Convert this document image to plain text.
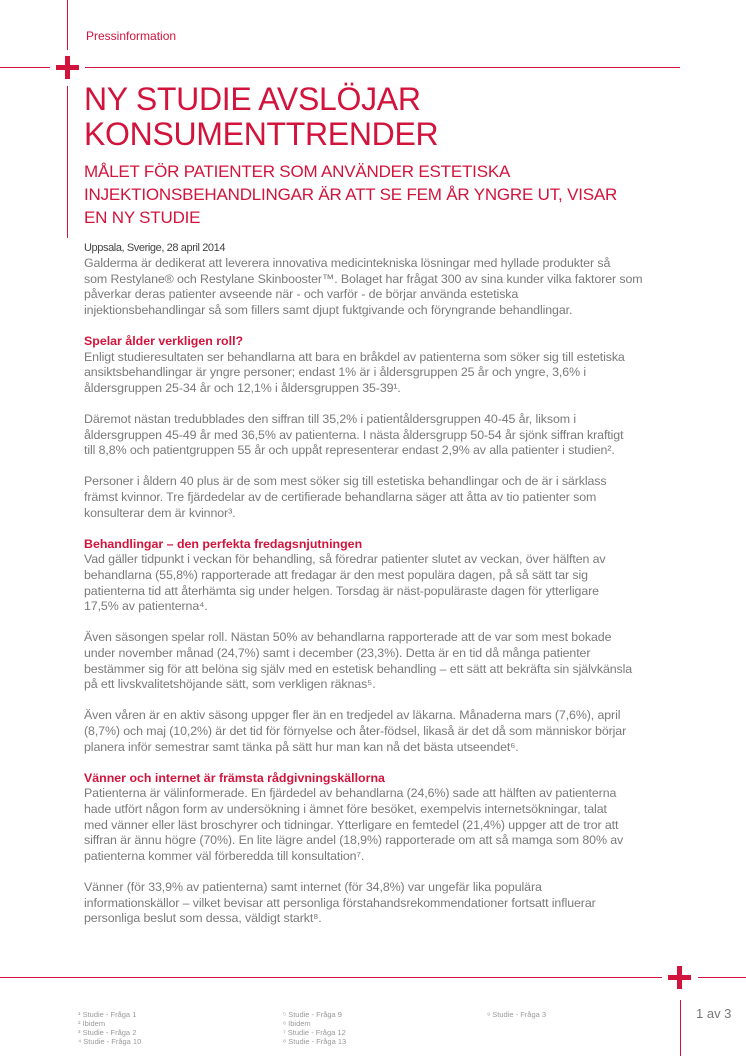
Pressinformation
NY STUDIE AVSLÖJAR
KONSUMENTTRENDER
MÅLET FÖR PATIENTER SOM ANVÄNDER ESTETISKA
INJEKTIONSBEHANDLINGAR ÄR ATT SE FEM ÅR YNGRE UT, VISAR
EN NY STUDIE
Uppsala, Sverige, 28 april 2014
Galderma är dedikerat att leverera innovativa medicintekniska lösningar med hyllade produkter så
som Restylane® och Restylane Skinbooster™. Bolaget har frågat 300 av sina kunder vilka faktorer som
påverkar deras patienter avseende när - och varför - de börjar använda estetiska
injektionsbehandlingar så som fillers samt djupt fuktgivande och föryngrande behandlingar.
Spelar ålder verkligen roll?
Enligt studieresultaten ser behandlarna att bara en bråkdel av patienterna som söker sig till estetiska
ansiktsbehandlingar är yngre personer; endast 1% är i åldersgruppen 25 år och yngre, 3,6% i
åldersgruppen 25-34 år och 12,1% i åldersgruppen 35-39¹.
Däremot nästan tredubblades den siffran till 35,2% i patientåldersgruppen 40-45 år, liksom i
åldersgruppen 45-49 år med 36,5% av patienterna. I nästa åldersgrupp 50-54 år sjönk siffran kraftigt
till 8,8% och patientgruppen 55 år och uppåt representerar endast 2,9% av alla patienter i studien².
Personer i åldern 40 plus är de som mest söker sig till estetiska behandlingar och de är i särklass
främst kvinnor. Tre fjärdedelar av de certifierade behandlarna säger att åtta av tio patienter som
konsulterar dem är kvinnor³.
Behandlingar – den perfekta fredagsnjutningen
Vad gäller tidpunkt i veckan för behandling, så föredrar patienter slutet av veckan, över hälften av
behandlarna (55,8%) rapporterade att fredagar är den mest populära dagen, på så sätt tar sig
patienterna tid att återhämta sig under helgen. Torsdag är näst-populäraste dagen för ytterligare
17,5% av patienterna⁴.
Även säsongen spelar roll. Nästan 50% av behandlarna rapporterade att de var som mest bokade
under november månad (24,7%) samt i december (23,3%). Detta är en tid då många patienter
bestämmer sig för att belöna sig själv med en estetisk behandling – ett sätt att bekräfta sin självkänsla
på ett livskvalitetshöjande sätt, som verkligen räknas⁵.
Även våren är en aktiv säsong uppger fler än en tredjedel av läkarna. Månaderna mars (7,6%), april
(8,7%) och maj (10,2%) är det tid för förnyelse och åter-födsel, likaså är det då som människor börjar
planera inför semestrar samt tänka på sätt hur man kan nå det bästa utseendet⁶.
Vänner och internet är främsta rådgivningskällorna
Patienterna är välinformerade. En fjärdedel av behandlarna (24,6%) sade att hälften av patienterna
hade utfört någon form av undersökning i ämnet före besöket, exempelvis internetsökningar, talat
med vänner eller läst broschyrer och tidningar. Ytterligare en femtedel (21,4%) uppger att de tror att
siffran är ännu högre (70%). En lite lägre andel (18,9%) rapporterade om att så mamga som 80% av
patienterna kommer väl förberedda till konsultation⁷.
Vänner (för 33,9% av patienterna) samt internet (för 34,8%) var ungefär lika populära
informationskällor – vilket bevisar att personliga förstahandsrekommendationer fortsatt influerar
personliga beslut som dessa, väldigt starkt⁸.
1 av 3
¹ Studie - Fråga 1
² Ibidem
³ Studie - Fråga 2
⁴ Studie - Fråga 10
⁵ Studie - Fråga 9
⁶ Ibidem
⁷ Studie - Fråga 12
⁸ Studie - Fråga 13
⁹ Studie - Fråga 3
